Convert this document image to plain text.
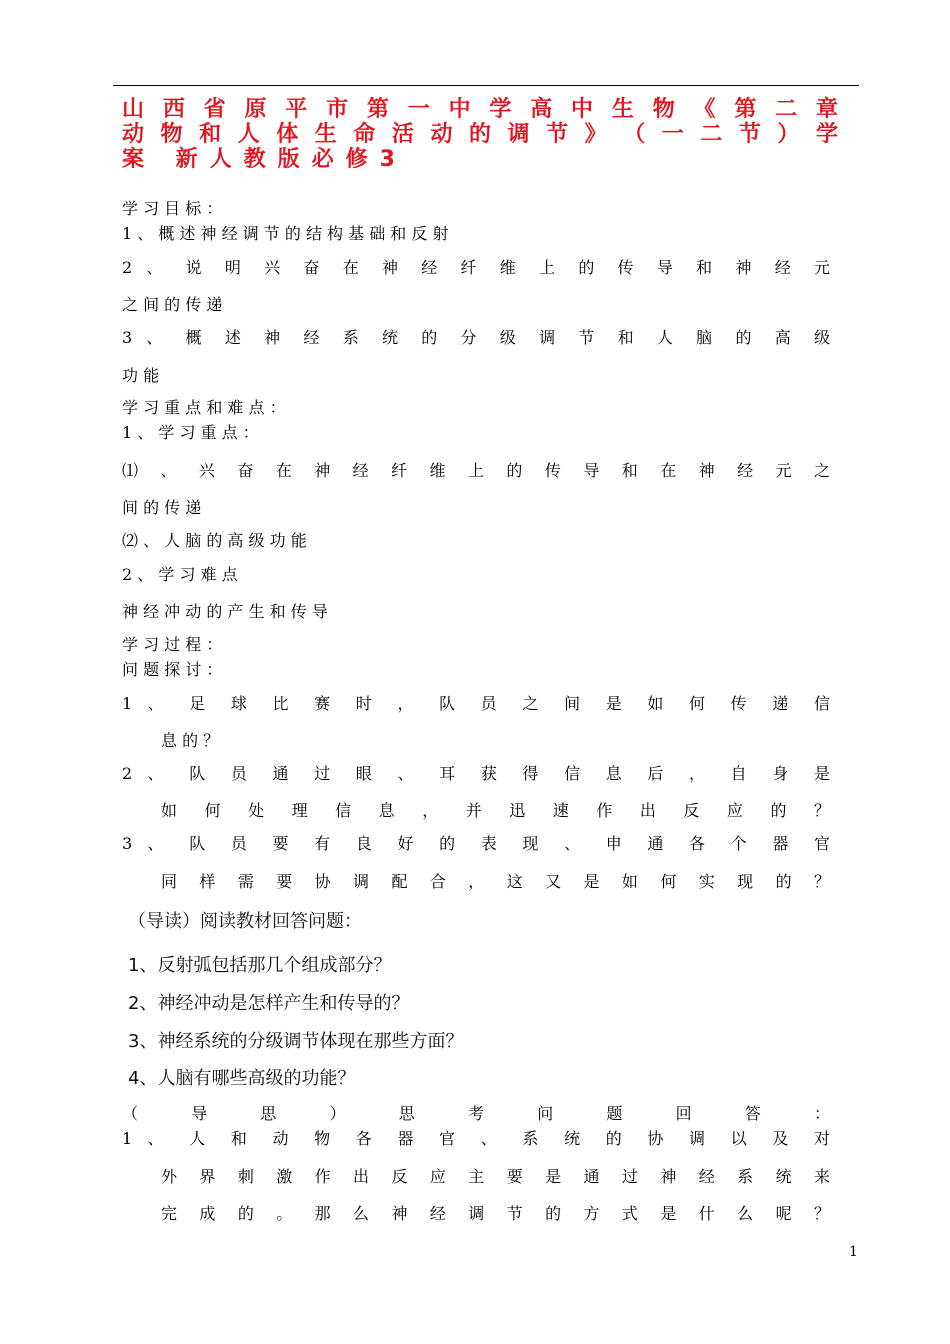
山 西 省 原 平 市 第 一 中 学 高 中 生 物 《 第 二 章

动 物 和 人 体 生 命 活 动 的 调 节 》 （ 一 二 节 ） 学

案 新人教版必修3

学 习 目 标 ：
1 、 概 述 神 经 调 节 的 结 构 基 础 和 反 射
2 、 说 明 兴 奋 在 神 经 纤 维 上 的 传 导 和 神 经 元
之 间 的 传 递
3 、 概 述 神 经 系 统 的 分 级 调 节 和 人 脑 的 高 级
功 能
学 习 重 点 和 难 点 ：
1 、 学 习 重 点 ：
⑴ 、 兴 奋 在 神 经 纤 维 上 的 传 导 和 在 神 经 元 之
间 的 传 递
⑵ 、 人 脑 的 高 级 功 能
2 、 学 习 难 点
神 经 冲 动 的 产 生 和 传 导
学 习 过 程 ：
问 题 探 讨 ：
1 、 足 球 比 赛 时 ， 队 员 之 间 是 如 何 传 递 信
息 的 ？
2 、 队 员 通 过 眼 、 耳 获 得 信 息 后 ， 自 身 是
如 何 处 理 信 息 ， 并 迅 速 作 出 反 应 的 ？
3 、 队 员 要 有 良 好 的 表 现 、 申 通 各 个 器 官
同 样 需 要 协 调 配 合 ， 这 又 是 如 何 实 现 的 ？
（导读）阅读教材回答问题：
1、反射弧包括那几个组成部分？
2、神经冲动是怎样产生和传导的？
3、神经系统的分级调节体现在那些方面？
4、人脑有哪些高级的功能？
（ 导 思 ） 思 考 问 题 回 答 ：
1 、 人 和 动 物 各 器 官 、 系 统 的 协 调 以 及 对
外 界 刺 激 作 出 反 应 主 要 是 通 过 神 经 系 统 来
完 成 的 。 那 么 神 经 调 节 的 方 式 是 什 么 呢 ？
1
